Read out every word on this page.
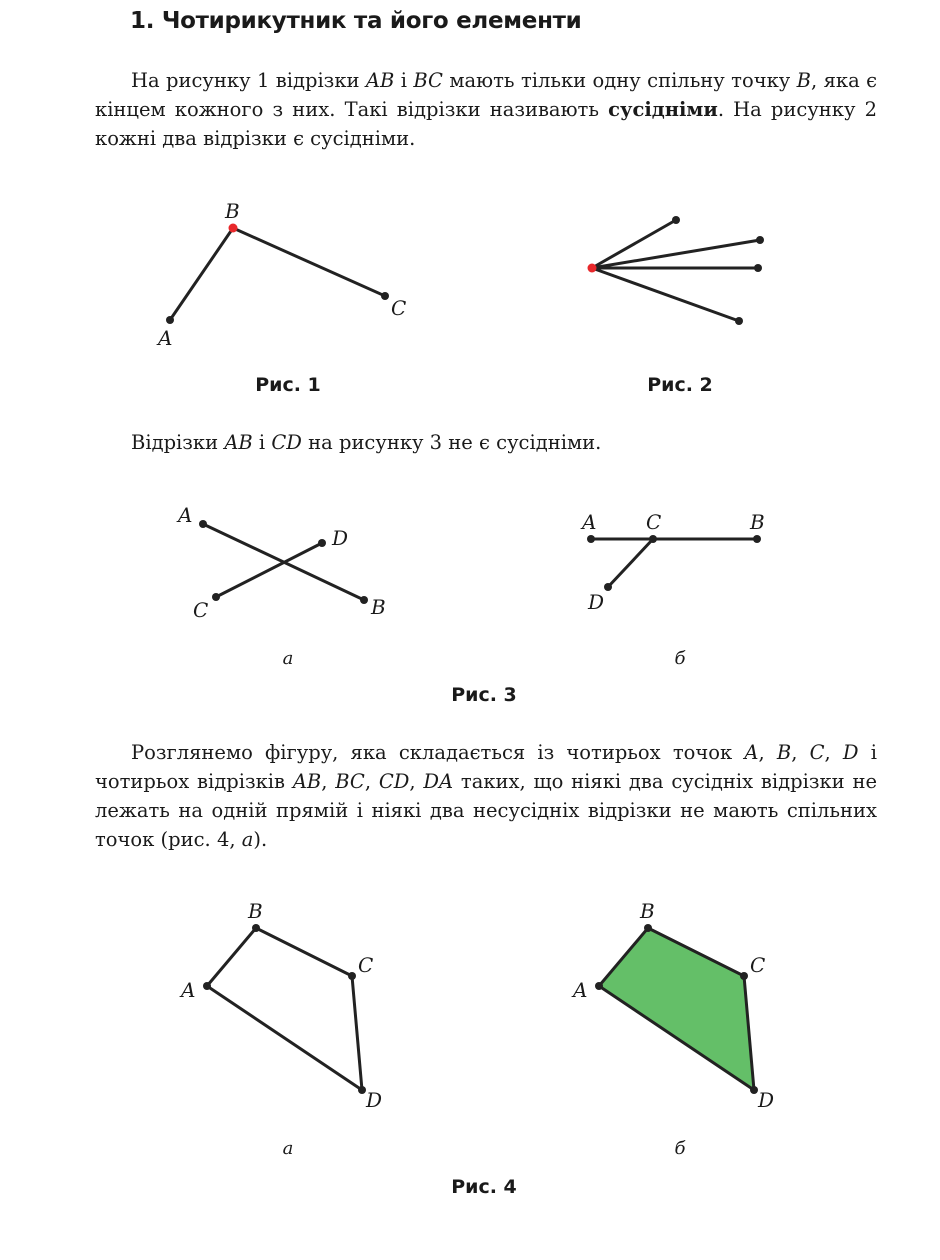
1. Чотирикутник та його елементи

На рисунку 1 відрізки AB і BC мають тільки одну спільну точку B, яка є кінцем кожного з них. Такі відрізки називають сусідніми. На рисунку 2 кожні два відрізки є сусідніми.

A
B
C
Рис. 1	Рис. 2

Відрізки AB і CD на рисунку 3 не є сусідніми.

A
B
C
D
A C	B
D
а	б
Рис. 3

Розглянемо фігуру, яка складається із чотирьох точок A, B, C, D і чотирьох відрізків AB, BC, CD, DA таких, що ніякі два сусідніх відрізки не лежать на одній прямій і ніякі два несусідніх відрізки не мають спільних точок (рис. 4, а).

A
B
C
D
A
B
C
D
а	б
Рис. 4
